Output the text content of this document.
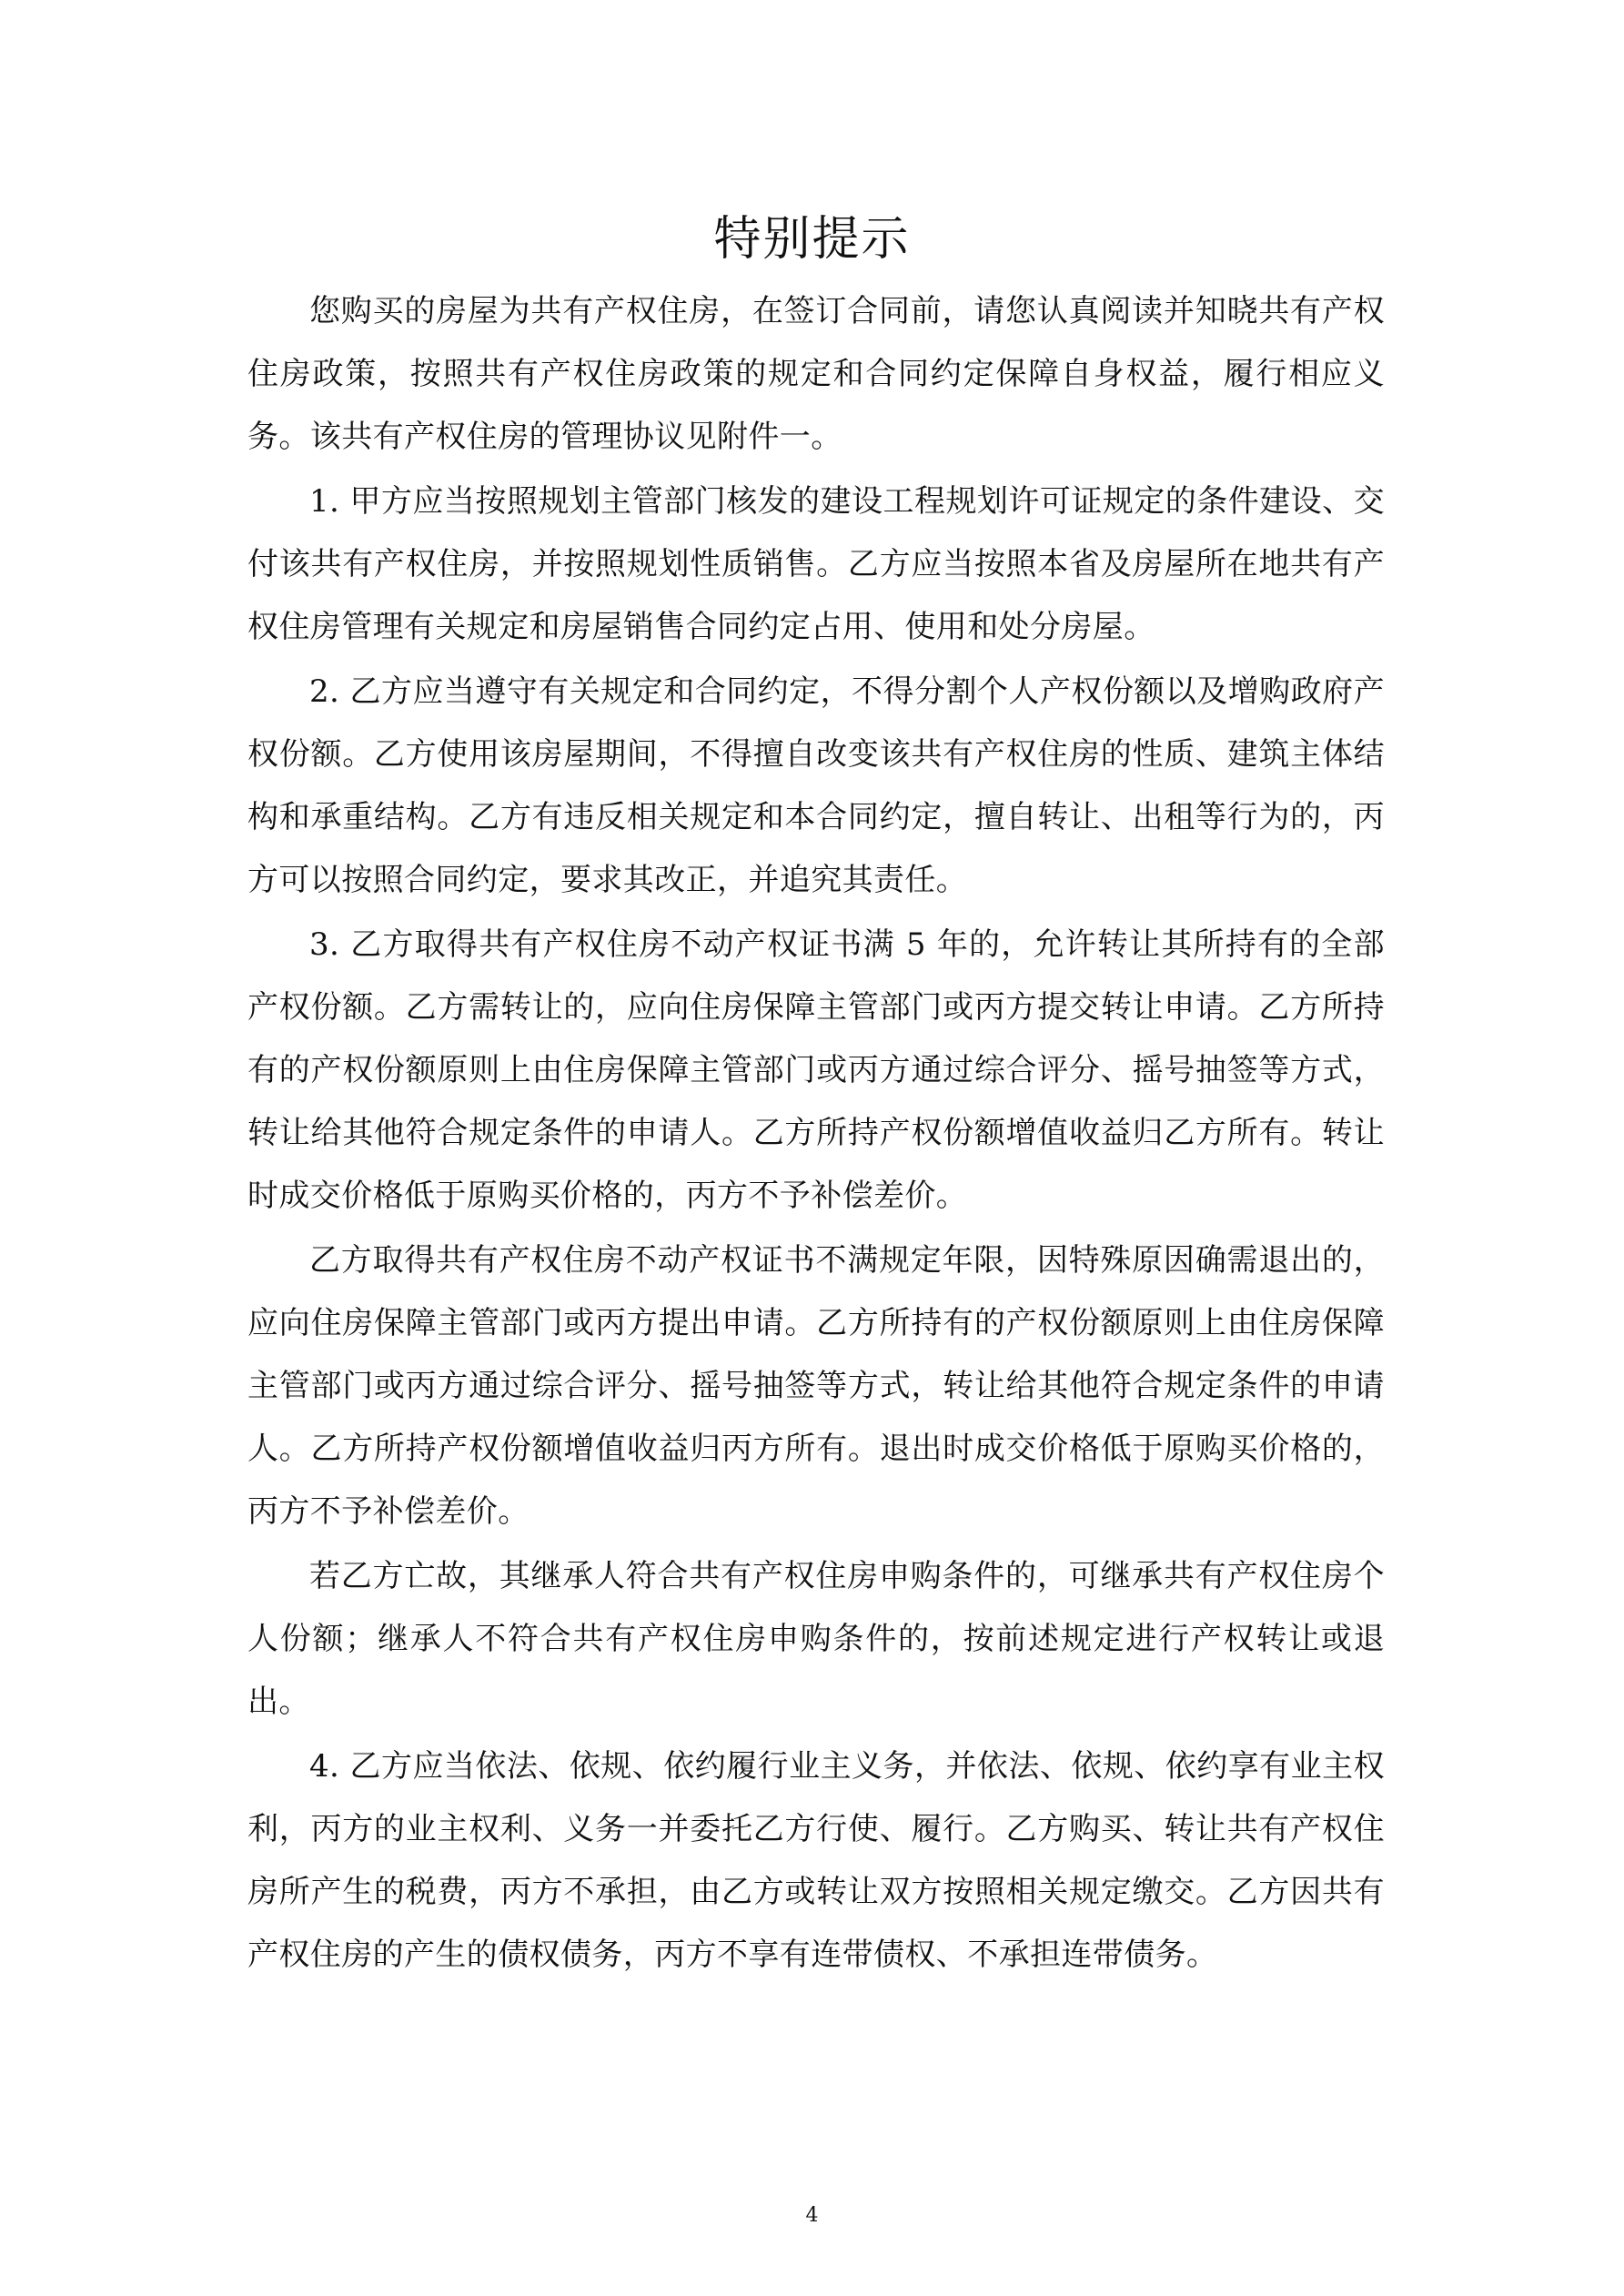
特别提示

您购买的房屋为共有产权住房，在签订合同前，请您认真阅读并知晓共有产权住房政策，按照共有产权住房政策的规定和合同约定保障自身权益，履行相应义务。该共有产权住房的管理协议见附件一。

1. 甲方应当按照规划主管部门核发的建设工程规划许可证规定的条件建设、交付该共有产权住房，并按照规划性质销售。乙方应当按照本省及房屋所在地共有产权住房管理有关规定和房屋销售合同约定占用、使用和处分房屋。

2. 乙方应当遵守有关规定和合同约定，不得分割个人产权份额以及增购政府产权份额。乙方使用该房屋期间，不得擅自改变该共有产权住房的性质、建筑主体结构和承重结构。乙方有违反相关规定和本合同约定，擅自转让、出租等行为的，丙方可以按照合同约定，要求其改正，并追究其责任。

3. 乙方取得共有产权住房不动产权证书满 5 年的，允许转让其所持有的全部产权份额。乙方需转让的，应向住房保障主管部门或丙方提交转让申请。乙方所持有的产权份额原则上由住房保障主管部门或丙方通过综合评分、摇号抽签等方式，转让给其他符合规定条件的申请人。乙方所持产权份额增值收益归乙方所有。转让时成交价格低于原购买价格的，丙方不予补偿差价。

乙方取得共有产权住房不动产权证书不满规定年限，因特殊原因确需退出的，应向住房保障主管部门或丙方提出申请。乙方所持有的产权份额原则上由住房保障主管部门或丙方通过综合评分、摇号抽签等方式，转让给其他符合规定条件的申请人。乙方所持产权份额增值收益归丙方所有。退出时成交价格低于原购买价格的，丙方不予补偿差价。

若乙方亡故，其继承人符合共有产权住房申购条件的，可继承共有产权住房个人份额；继承人不符合共有产权住房申购条件的，按前述规定进行产权转让或退出。

4. 乙方应当依法、依规、依约履行业主义务，并依法、依规、依约享有业主权利，丙方的业主权利、义务一并委托乙方行使、履行。乙方购买、转让共有产权住房所产生的税费，丙方不承担，由乙方或转让双方按照相关规定缴交。乙方因共有产权住房的产生的债权债务，丙方不享有连带债权、不承担连带债务。

4
